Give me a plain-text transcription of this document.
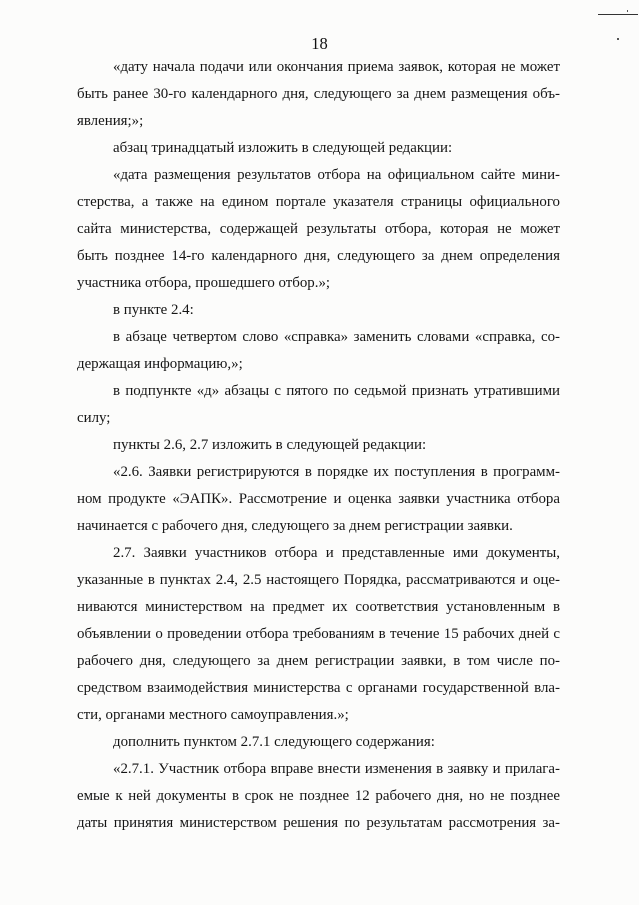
18
«дату начала подачи или окончания приема заявок, которая не может
быть ранее 30-го календарного дня, следующего за днем размещения объ-
явления;»;
абзац тринадцатый изложить в следующей редакции:
«дата размещения результатов отбора на официальном сайте мини-
стерства, а также на едином портале указателя страницы официального
сайта министерства, содержащей результаты отбора, которая не может
быть позднее 14-го календарного дня, следующего за днем определения
участника отбора, прошедшего отбор.»;
в пункте 2.4:
в абзаце четвертом слово «справка» заменить словами «справка, со-
держащая информацию,»;
в подпункте «д» абзацы с пятого по седьмой признать утратившими
силу;
пункты 2.6, 2.7 изложить в следующей редакции:
«2.6. Заявки регистрируются в порядке их поступления в программ-
ном продукте «ЭАПК». Рассмотрение и оценка заявки участника отбора
начинается с рабочего дня, следующего за днем регистрации заявки.
2.7. Заявки участников отбора и представленные ими документы,
указанные в пунктах 2.4, 2.5 настоящего Порядка, рассматриваются и оце-
ниваются министерством на предмет их соответствия установленным в
объявлении о проведении отбора требованиям в течение 15 рабочих дней с
рабочего дня, следующего за днем регистрации заявки, в том числе по-
средством взаимодействия министерства с органами государственной вла-
сти, органами местного самоуправления.»;
дополнить пунктом 2.7.1 следующего содержания:
«2.7.1. Участник отбора вправе внести изменения в заявку и прилага-
емые к ней документы в срок не позднее 12 рабочего дня, но не позднее
даты принятия министерством решения по результатам рассмотрения за-
